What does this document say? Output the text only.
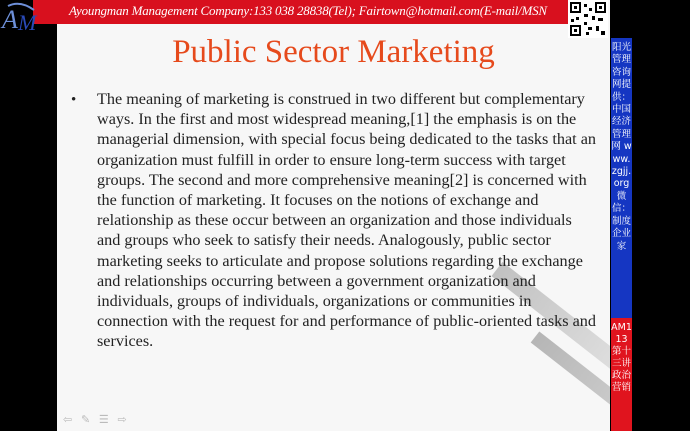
Public Sector Marketing
• The meaning of marketing is construed in two different but complementary ways. In the first and most widespread meaning,[1] the emphasis is on the managerial dimension, with special focus being dedicated to the tasks that an organization must fulfill in order to ensure long-term success with target groups. The second and more comprehensive meaning[2] is concerned with the function of marketing. It focuses on the notions of exchange and relationship as these occur between an organization and those individuals and groups who seek to satisfy their needs. Analogously, public sector marketing seeks to articulate and propose solutions regarding the exchange and relationships occurring between a government organization and individuals, groups of individuals, organizations or communities in connection with the request for and performance of public-oriented tasks and services.
⇦ ✎ ☰ ⇨
Ayoungman Management Company:133 038 28838(Tel); Fairtown@hotmail.com(E-mail/MSN
A M
阳光管理咨询网提供：中国经济管理网 www.zgjj.org 微信：制度企业家
AM113第十三讲政治营销
